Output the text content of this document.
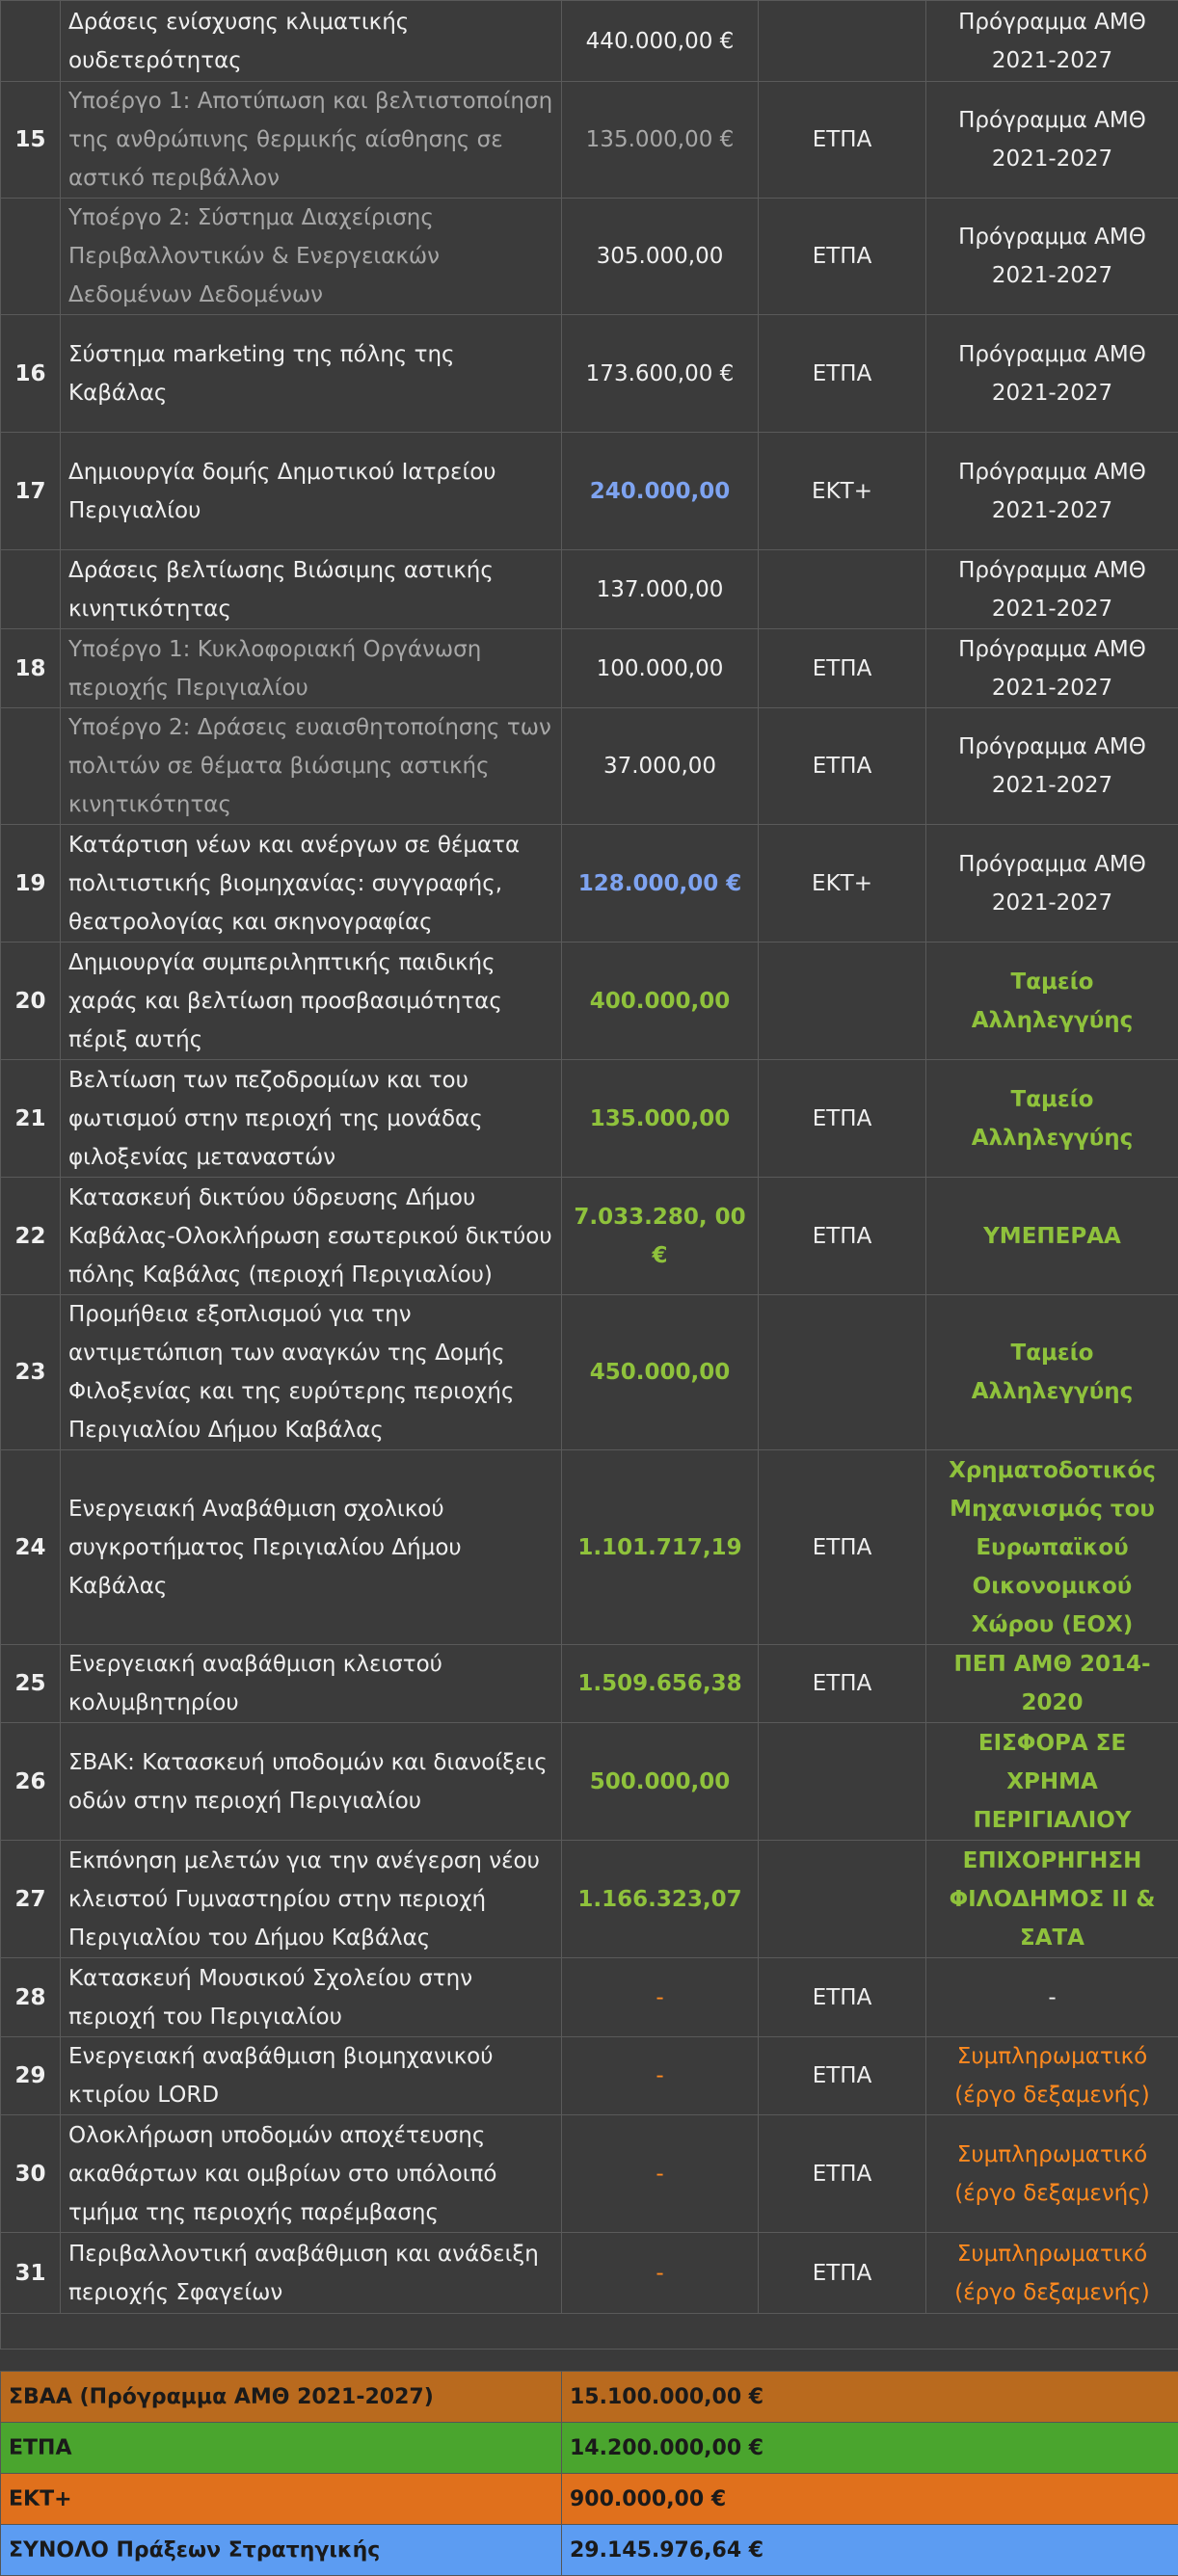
	Δράσεις ενίσχυσης κλιματικής ουδετερότητας	440.000,00 €		Πρόγραμμα ΑΜΘ 2021-2027
15	Υποέργο 1: Αποτύπωση και βελτιστοποίηση της ανθρώπινης θερμικής αίσθησης σε αστικό περιβάλλον	135.000,00 €	ΕΤΠΑ	Πρόγραμμα ΑΜΘ 2021-2027
	Υποέργο 2: Σύστημα Διαχείρισης Περιβαλλοντικών & Ενεργειακών Δεδομένων Δεδομένων	305.000,00	ΕΤΠΑ	Πρόγραμμα ΑΜΘ 2021-2027
16	Σύστημα marketing της πόλης της Καβάλας	173.600,00 €	ΕΤΠΑ	Πρόγραμμα ΑΜΘ 2021-2027
17	Δημιουργία δομής Δημοτικού Ιατρείου Περιγιαλίου	240.000,00	ΕΚΤ+	Πρόγραμμα ΑΜΘ 2021-2027
	Δράσεις βελτίωσης Βιώσιμης αστικής κινητικότητας	137.000,00		Πρόγραμμα ΑΜΘ 2021-2027
18	Υποέργο 1: Κυκλοφοριακή Οργάνωση περιοχής Περιγιαλίου	100.000,00	ΕΤΠΑ	Πρόγραμμα ΑΜΘ 2021-2027
	Υποέργο 2: Δράσεις ευαισθητοποίησης των πολιτών σε θέματα βιώσιμης αστικής κινητικότητας	37.000,00	ΕΤΠΑ	Πρόγραμμα ΑΜΘ 2021-2027
19	Κατάρτιση νέων και ανέργων σε θέματα πολιτιστικής βιομηχανίας: συγγραφής, θεατρολογίας και σκηνογραφίας	128.000,00 €	ΕΚΤ+	Πρόγραμμα ΑΜΘ 2021-2027
20	Δημιουργία συμπεριληπτικής παιδικής χαράς και βελτίωση προσβασιμότητας πέριξ αυτής	400.000,00		Ταμείο Αλληλεγγύης
21	Βελτίωση των πεζοδρομίων και του φωτισμού στην περιοχή της μονάδας φιλοξενίας μεταναστών	135.000,00	ΕΤΠΑ	Ταμείο Αλληλεγγύης
22	Κατασκευή δικτύου ύδρευσης Δήμου Καβάλας-Ολοκλήρωση εσωτερικού δικτύου πόλης Καβάλας (περιοχή Περιγιαλίου)	7.033.280, 00 €	ΕΤΠΑ	ΥΜΕΠΕΡΑΑ
23	Προμήθεια εξοπλισμού για την αντιμετώπιση των αναγκών της Δομής Φιλοξενίας και της ευρύτερης περιοχής Περιγιαλίου Δήμου Καβάλας	450.000,00		Ταμείο Αλληλεγγύης
24	Ενεργειακή Αναβάθμιση σχολικού συγκροτήματος Περιγιαλίου Δήμου Καβάλας	1.101.717,19	ΕΤΠΑ	Χρηματοδοτικός Μηχανισμός του Ευρωπαϊκού Οικονομικού Χώρου (ΕΟΧ)
25	Ενεργειακή αναβάθμιση κλειστού κολυμβητηρίου	1.509.656,38	ΕΤΠΑ	ΠΕΠ ΑΜΘ 2014-2020
26	ΣΒΑΚ: Κατασκευή υποδομών και διανοίξεις οδών στην περιοχή Περιγιαλίου	500.000,00		ΕΙΣΦΟΡΑ ΣΕ ΧΡΗΜΑ ΠΕΡΙΓΙΑΛΙΟΥ
27	Εκπόνηση μελετών για την ανέγερση νέου κλειστού Γυμναστηρίου στην περιοχή Περιγιαλίου του Δήμου Καβάλας	1.166.323,07		ΕΠΙΧΟΡΗΓΗΣΗ ΦΙΛΟΔΗΜΟΣ ΙΙ & ΣΑΤΑ
28	Κατασκευή Μουσικού Σχολείου στην περιοχή του Περιγιαλίου	-	ΕΤΠΑ	-
29	Ενεργειακή αναβάθμιση βιομηχανικού κτιρίου LORD	-	ΕΤΠΑ	Συμπληρωματικό (έργο δεξαμενής)
30	Ολοκλήρωση υποδομών αποχέτευσης ακαθάρτων και ομβρίων στο υπόλοιπό τμήμα της περιοχής παρέμβασης	-	ΕΤΠΑ	Συμπληρωματικό (έργο δεξαμενής)
31	Περιβαλλοντική αναβάθμιση και ανάδειξη περιοχής Σφαγείων	-	ΕΤΠΑ	Συμπληρωματικό (έργο δεξαμενής)

ΣΒΑΑ (Πρόγραμμα ΑΜΘ 2021-2027)	15.100.000,00 €
ΕΤΠΑ	14.200.000,00 €
ΕΚΤ+	900.000,00 €
ΣΥΝΟΛΟ Πράξεων Στρατηγικής	29.145.976,64 €
